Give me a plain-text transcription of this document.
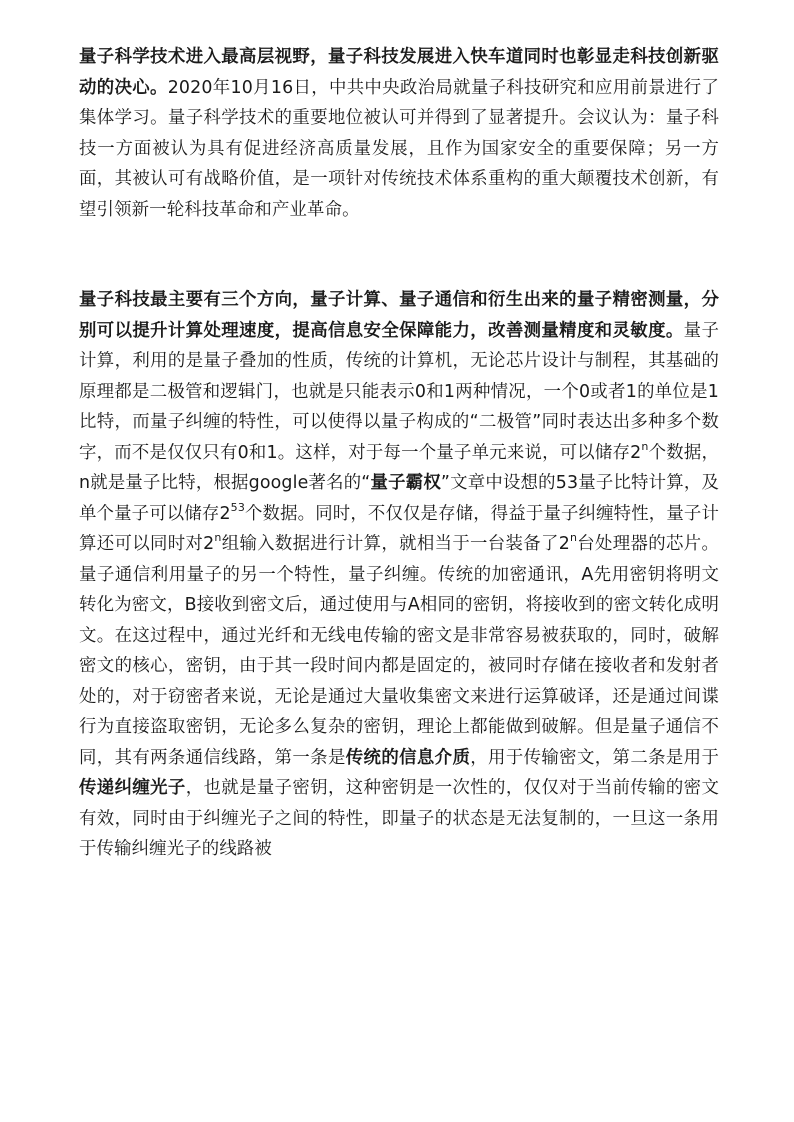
量子科学技术进入最高层视野，量子科技发展进入快车道同时也彰显走科技创新驱动的决心。2020年10月16日，中共中央政治局就量子科技研究和应用前景进行了集体学习。量子科学技术的重要地位被认可并得到了显著提升。会议认为：量子科技一方面被认为具有促进经济高质量发展，且作为国家安全的重要保障；另一方面，其被认可有战略价值，是一项针对传统技术体系重构的重大颠覆技术创新，有望引领新一轮科技革命和产业革命。

量子科技最主要有三个方向，量子计算、量子通信和衍生出来的量子精密测量，分别可以提升计算处理速度，提高信息安全保障能力，改善测量精度和灵敏度。量子计算，利用的是量子叠加的性质，传统的计算机，无论芯片设计与制程，其基础的原理都是二极管和逻辑门，也就是只能表示0和1两种情况，一个0或者1的单位是1比特，而量子纠缠的特性，可以使得以量子构成的“二极管”同时表达出多种多个数字，而不是仅仅只有0和1。这样，对于每一个量子单元来说，可以储存2$^n$个数据，n就是量子比特，根据google著名的“量子霸权”文章中设想的53量子比特计算，及单个量子可以储存$2^{53}$个数据。同时，不仅仅是存储，得益于量子纠缠特性，量子计算还可以同时对2$^n$组输入数据进行计算，就相当于一台装备了2$^n$台处理器的芯片。量子通信利用量子的另一个特性，量子纠缠。传统的加密通讯，A先用密钥将明文转化为密文，B接收到密文后，通过使用与A相同的密钥，将接收到的密文转化成明文。在这过程中，通过光纤和无线电传输的密文是非常容易被获取的，同时，破解密文的核心，密钥，由于其一段时间内都是固定的，被同时存储在接收者和发射者处的，对于窃密者来说，无论是通过大量收集密文来进行运算破译，还是通过间谍行为直接盗取密钥，无论多么复杂的密钥，理论上都能做到破解。但是量子通信不同，其有两条通信线路，第一条是传统的信息介质，用于传输密文，第二条是用于传递纠缠光子，也就是量子密钥，这种密钥是一次性的，仅仅对于当前传输的密文有效，同时由于纠缠光子之间的特性，即量子的状态是无法复制的，一旦这一条用于传输纠缠光子的线路被
